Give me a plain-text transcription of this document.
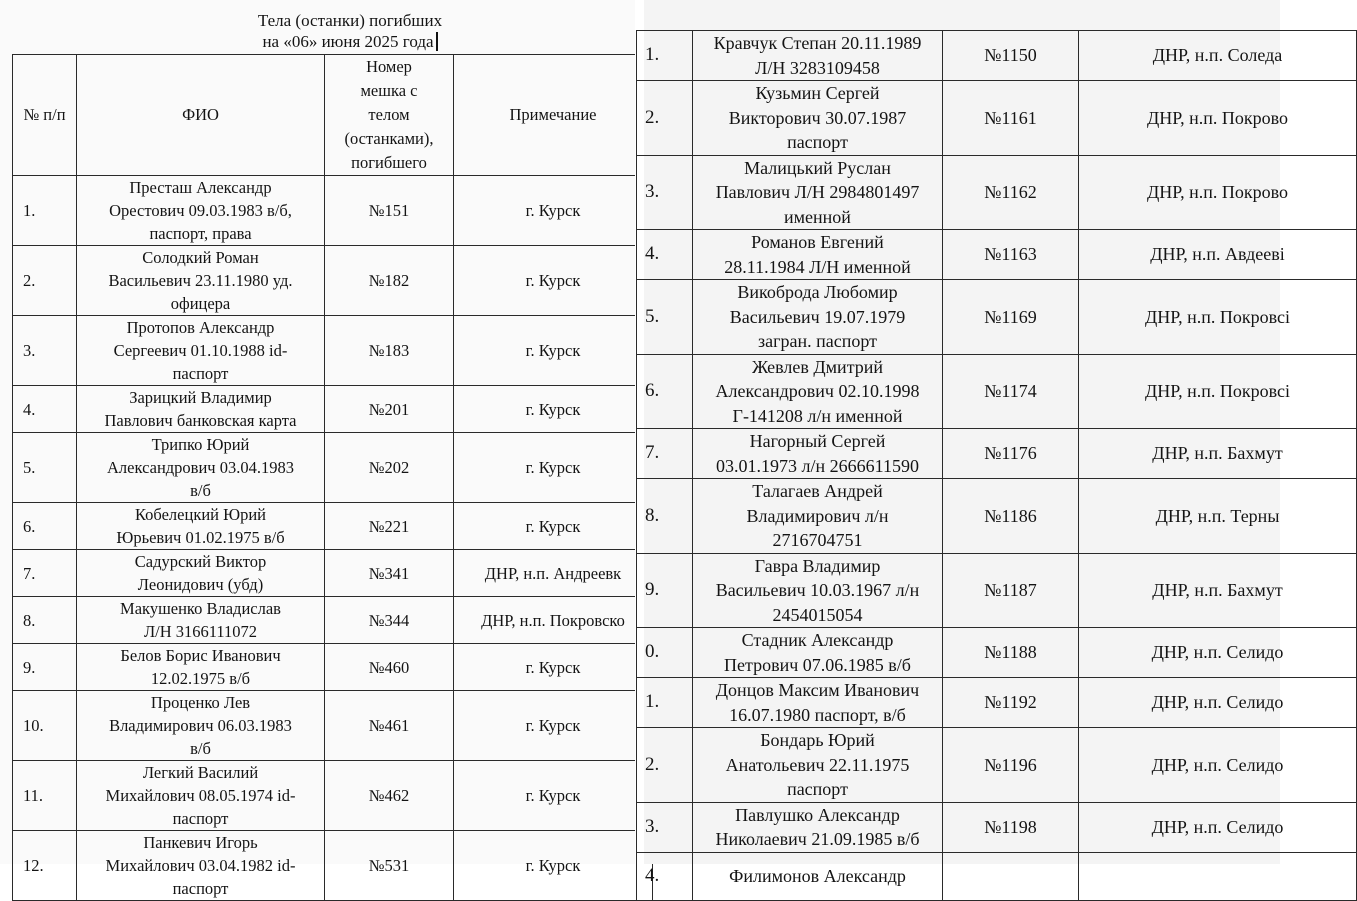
Тела (останки) погибших
на «06» июня 2025 года
№ п/п	ФИО	Номер
мешка с
телом
(останками),
погибшего	Примечание
1.	Престаш Александр
Орестович 09.03.1983 в/б,
паспорт, права	№151	г. Курск
2.	Солодкий Роман
Васильевич 23.11.1980 уд.
офицера	№182	г. Курск
3.	Протопов Александр
Сергеевич 01.10.1988 id-
паспорт	№183	г. Курск
4.	Зарицкий Владимир
Павлович банковская карта	№201	г. Курск
5.	Трипко Юрий
Александрович 03.04.1983
в/б	№202	г. Курск
6.	Кобелецкий Юрий
Юрьевич 01.02.1975 в/б	№221	г. Курск
7.	Садурский Виктор
Леонидович (убд)	№341	ДНР, н.п. Андреевк
8.	Макушенко Владислав
Л/Н 3166111072	№344	ДНР, н.п. Покровско
9.	Белов Борис Иванович
12.02.1975 в/б	№460	г. Курск
10.	Проценко Лев
Владимирович 06.03.1983
в/б	№461	г. Курск
11.	Легкий Василий
Михайлович 08.05.1974 id-
паспорт	№462	г. Курск
12.	Панкевич Игорь
Михайлович 03.04.1982 id-
паспорт	№531	г. Курск
1.	Кравчук Степан 20.11.1989
Л/Н 3283109458	№1150	ДНР, н.п. Соледа
2.	Кузьмин Сергей
Викторович 30.07.1987
паспорт	№1161	ДНР, н.п. Покрово
3.	Малицький Руслан
Павлович Л/Н 2984801497
именной	№1162	ДНР, н.п. Покрово
4.	Романов Евгений
28.11.1984 Л/Н именной	№1163	ДНР, н.п. Авдееві
5.	Викоброда Любомир
Васильевич 19.07.1979
загран. паспорт	№1169	ДНР, н.п. Покровсі
6.	Жевлев Дмитрий
Александрович 02.10.1998
Г-141208 л/н именной	№1174	ДНР, н.п. Покровсі
7.	Нагорный Сергей
03.01.1973 л/н 2666611590	№1176	ДНР, н.п. Бахмут
8.	Талагаев Андрей
Владимирович л/н
2716704751	№1186	ДНР, н.п. Терны
9.	Гавра Владимир
Васильевич 10.03.1967 л/н
2454015054	№1187	ДНР, н.п. Бахмут
0.	Стадник Александр
Петрович 07.06.1985 в/б	№1188	ДНР, н.п. Селидо
1.	Донцов Максим Иванович
16.07.1980 паспорт, в/б	№1192	ДНР, н.п. Селидо
2.	Бондарь Юрий
Анатольевич 22.11.1975
паспорт	№1196	ДНР, н.п. Селидо
3.	Павлушко Александр
Николаевич 21.09.1985 в/б	№1198	ДНР, н.п. Селидо
4.	Филимонов Александр		
